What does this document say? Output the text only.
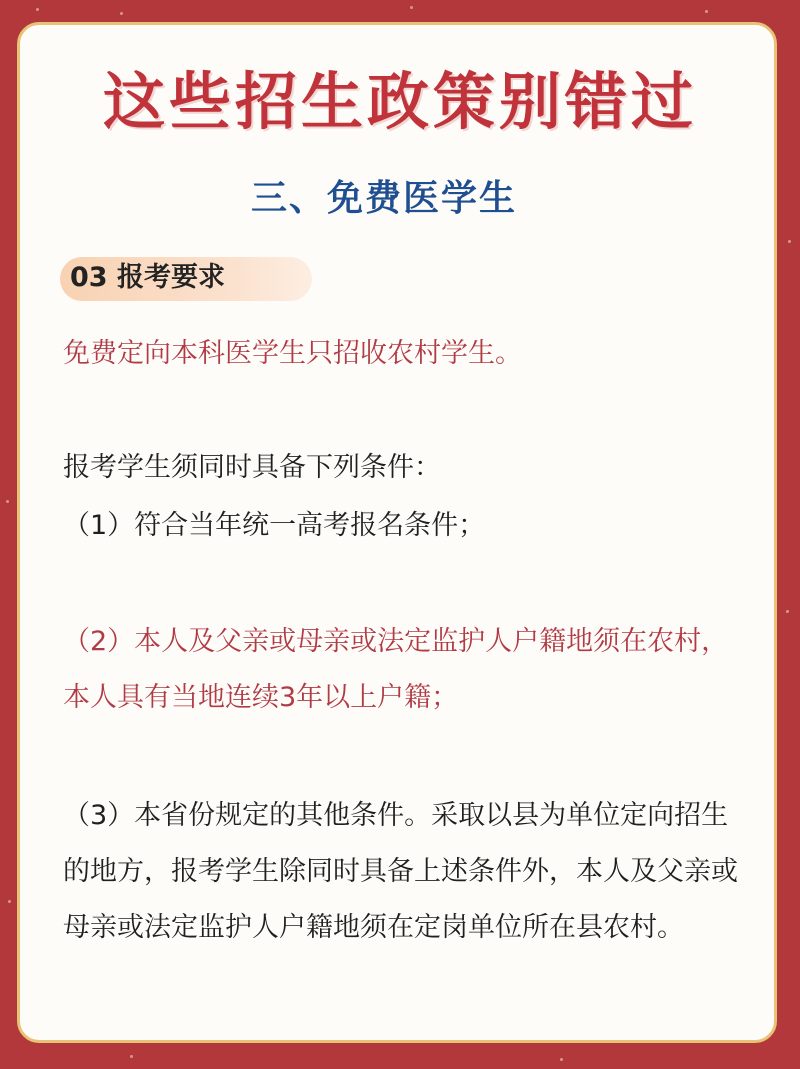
这些招生政策别错过
三、免费医学生
03 报考要求

免费定向本科医学生只招收农村学生。

报考学生须同时具备下列条件：

（1）符合当年统一高考报名条件；

（2）本人及父亲或母亲或法定监护人户籍地须在农村，本人具有当地连续3年以上户籍；

（3）本省份规定的其他条件。采取以县为单位定向招生的地方，报考学生除同时具备上述条件外，本人及父亲或母亲或法定监护人户籍地须在定岗单位所在县农村。
